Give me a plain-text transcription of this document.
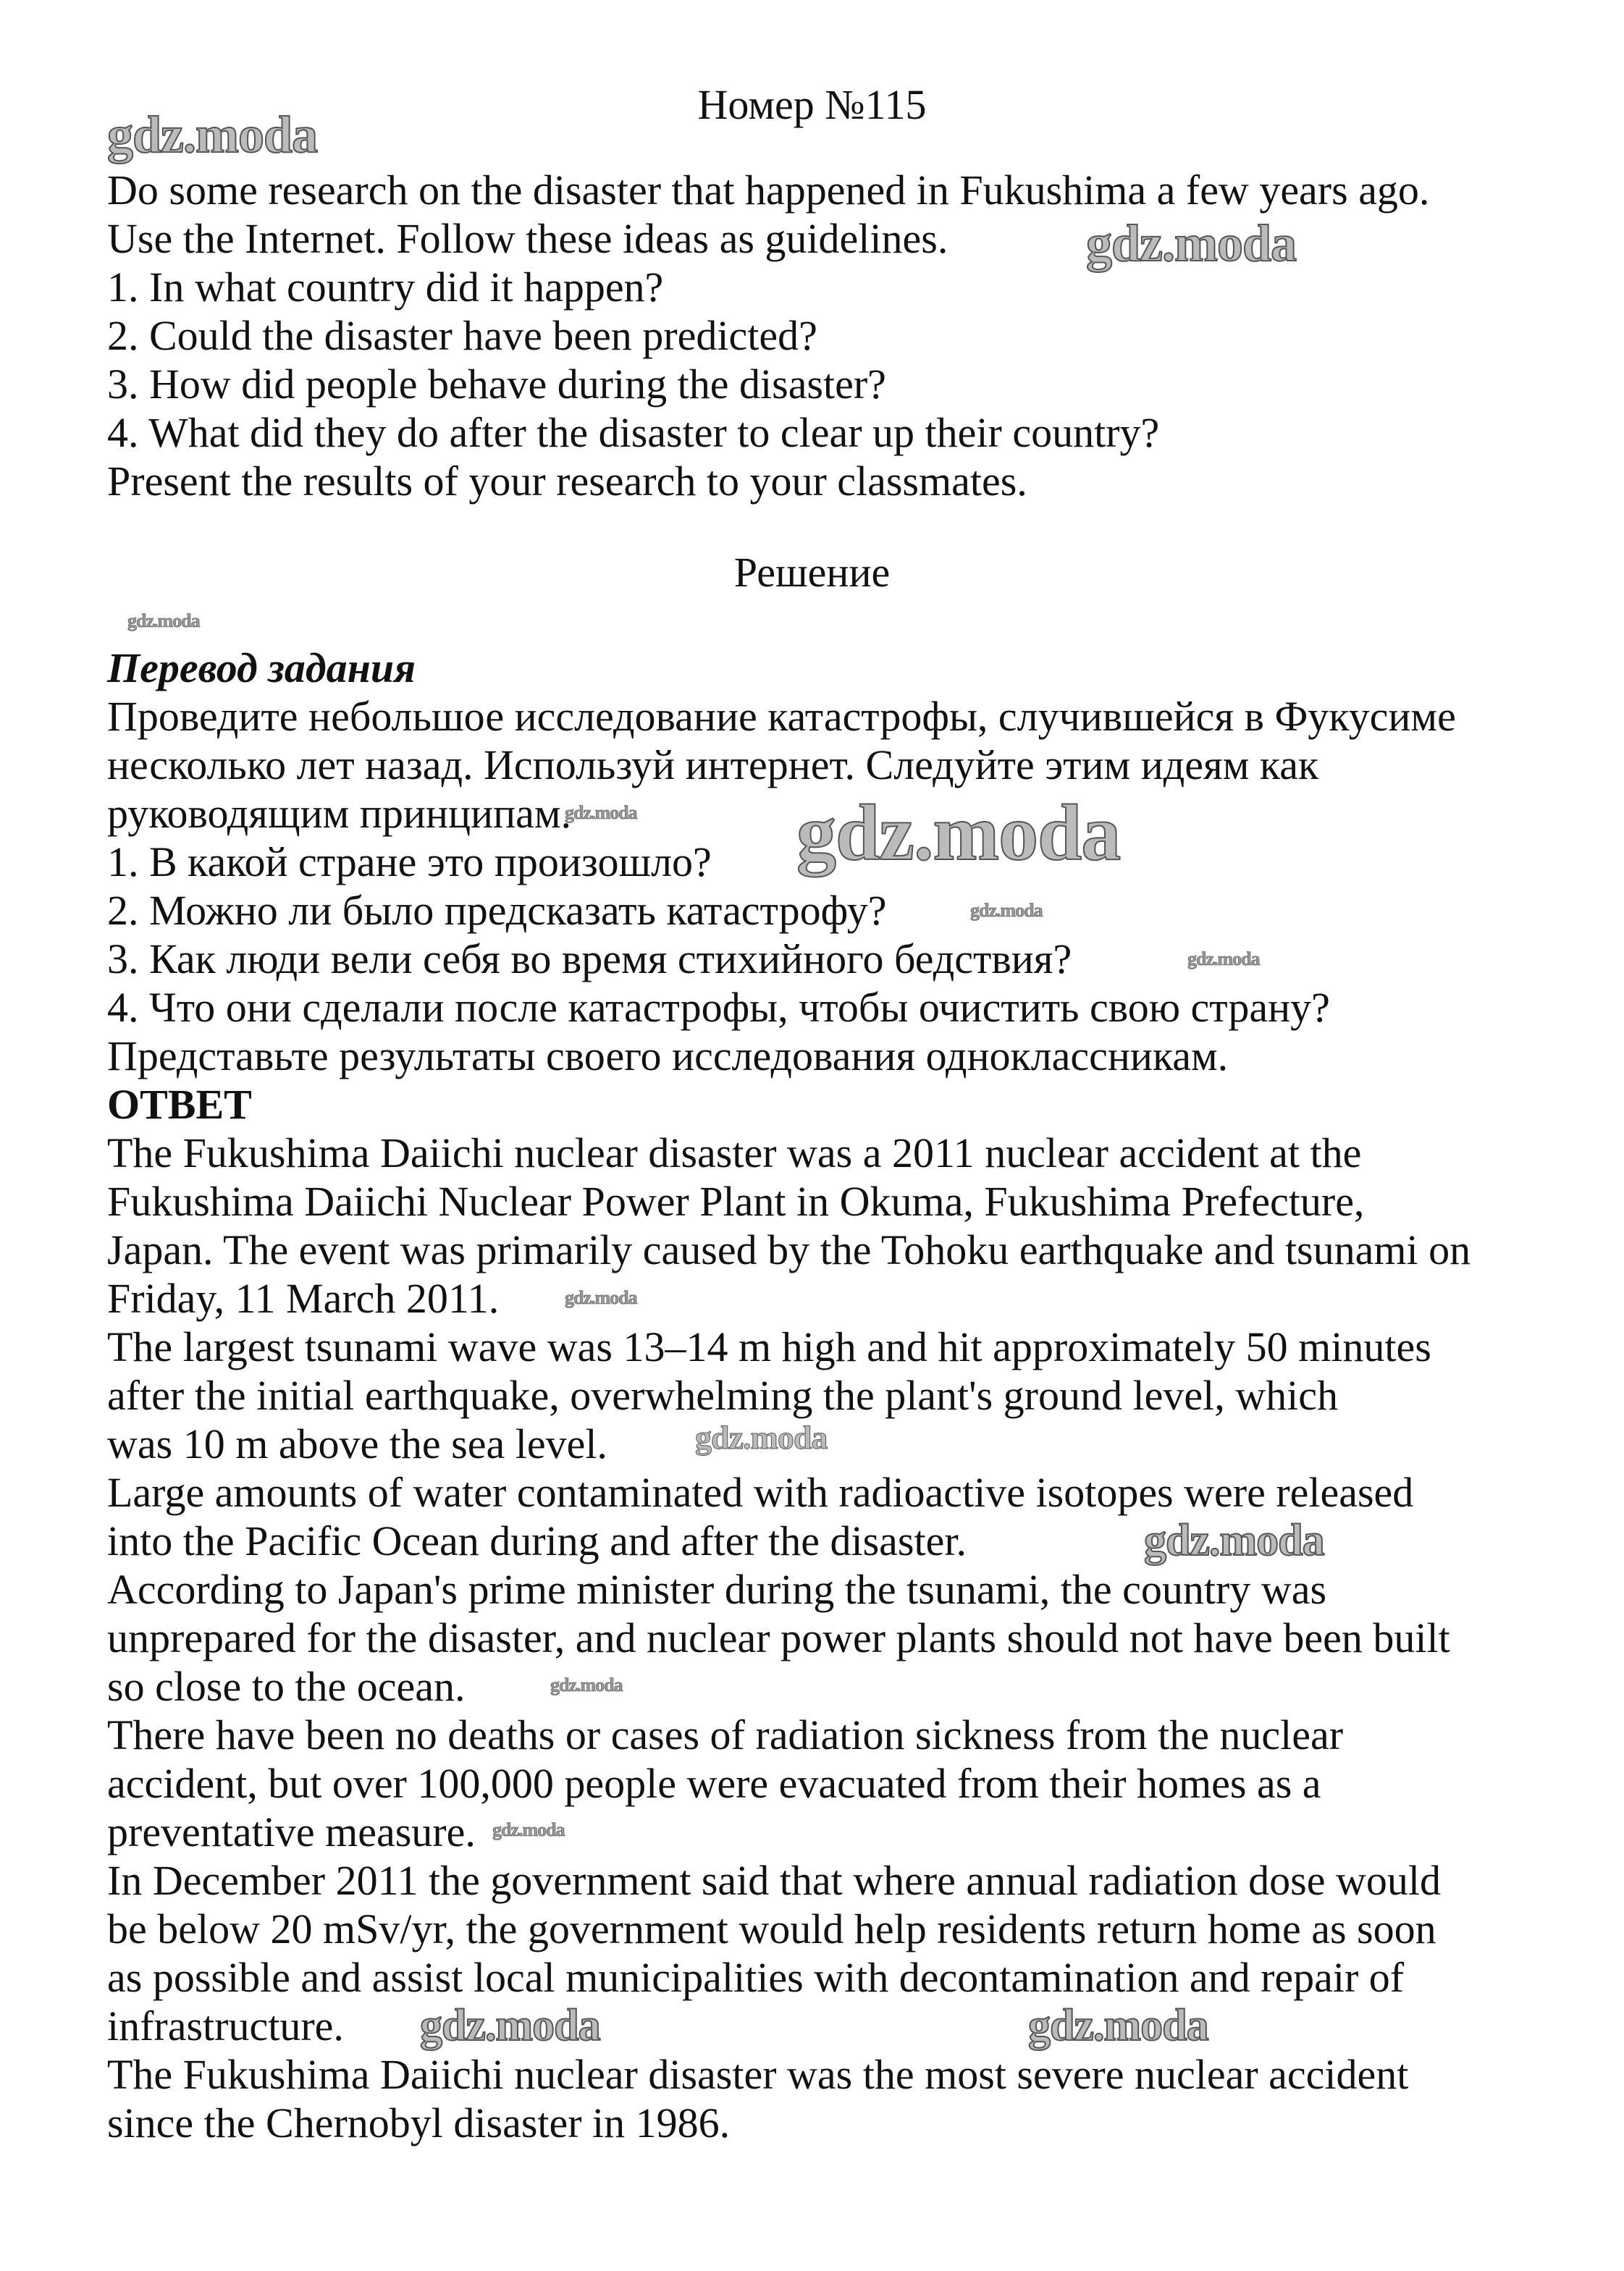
Номер №115
Do some research on the disaster that happened in Fukushima a few years ago.
Use the Internet. Follow these ideas as guidelines.
1. In what country did it happen?
2. Could the disaster have been predicted?
3. How did people behave during the disaster?
4. What did they do after the disaster to clear up their country?
Present the results of your research to your classmates.
Решение
Перевод задания
Проведите небольшое исследование катастрофы, случившейся в Фукусиме
несколько лет назад. Используй интернет. Следуйте этим идеям как
руководящим принципам.
1. В какой стране это произошло?
2. Можно ли было предсказать катастрофу?
3. Как люди вели себя во время стихийного бедствия?
4. Что они сделали после катастрофы, чтобы очистить свою страну?
Представьте результаты своего исследования одноклассникам.
ОТВЕТ
The Fukushima Daiichi nuclear disaster was a 2011 nuclear accident at the
Fukushima Daiichi Nuclear Power Plant in Okuma, Fukushima Prefecture,
Japan. The event was primarily caused by the Tohoku earthquake and tsunami on
Friday, 11 March 2011.
The largest tsunami wave was 13–14 m high and hit approximately 50 minutes
after the initial earthquake, overwhelming the plant's ground level, which
was 10 m above the sea level.
Large amounts of water contaminated with radioactive isotopes were released
into the Pacific Ocean during and after the disaster.
According to Japan's prime minister during the tsunami, the country was
unprepared for the disaster, and nuclear power plants should not have been built
so close to the ocean.
There have been no deaths or cases of radiation sickness from the nuclear
accident, but over 100,000 people were evacuated from their homes as a
preventative measure.
In December 2011 the government said that where annual radiation dose would
be below 20 mSv/yr, the government would help residents return home as soon
as possible and assist local municipalities with decontamination and repair of
infrastructure.
The Fukushima Daiichi nuclear disaster was the most severe nuclear accident
since the Chernobyl disaster in 1986.
gdz.moda
gdz.moda
gdz.moda
gdz.moda
gdz.moda	gdz.moda
gdz.moda
gdz.moda
gdz.moda
gdz.moda
gdz.moda
gdz.moda
gdz.moda
gdz.moda
